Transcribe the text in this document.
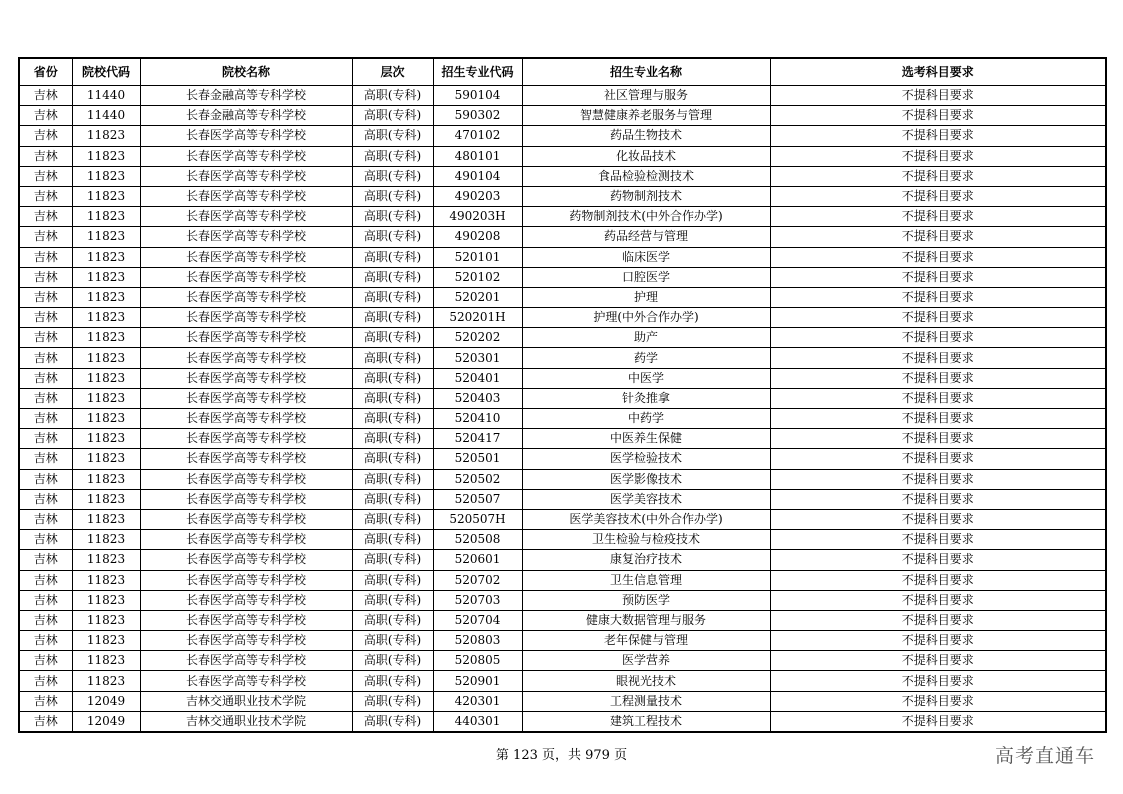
省份	院校代码	院校名称	层次	招生专业代码	招生专业名称	选考科目要求
吉林	11440	长春金融高等专科学校	高职(专科)	590104	社区管理与服务	不提科目要求
吉林	11440	长春金融高等专科学校	高职(专科)	590302	智慧健康养老服务与管理	不提科目要求
吉林	11823	长春医学高等专科学校	高职(专科)	470102	药品生物技术	不提科目要求
吉林	11823	长春医学高等专科学校	高职(专科)	480101	化妆品技术	不提科目要求
吉林	11823	长春医学高等专科学校	高职(专科)	490104	食品检验检测技术	不提科目要求
吉林	11823	长春医学高等专科学校	高职(专科)	490203	药物制剂技术	不提科目要求
吉林	11823	长春医学高等专科学校	高职(专科)	490203H	药物制剂技术(中外合作办学)	不提科目要求
吉林	11823	长春医学高等专科学校	高职(专科)	490208	药品经营与管理	不提科目要求
吉林	11823	长春医学高等专科学校	高职(专科)	520101	临床医学	不提科目要求
吉林	11823	长春医学高等专科学校	高职(专科)	520102	口腔医学	不提科目要求
吉林	11823	长春医学高等专科学校	高职(专科)	520201	护理	不提科目要求
吉林	11823	长春医学高等专科学校	高职(专科)	520201H	护理(中外合作办学)	不提科目要求
吉林	11823	长春医学高等专科学校	高职(专科)	520202	助产	不提科目要求
吉林	11823	长春医学高等专科学校	高职(专科)	520301	药学	不提科目要求
吉林	11823	长春医学高等专科学校	高职(专科)	520401	中医学	不提科目要求
吉林	11823	长春医学高等专科学校	高职(专科)	520403	针灸推拿	不提科目要求
吉林	11823	长春医学高等专科学校	高职(专科)	520410	中药学	不提科目要求
吉林	11823	长春医学高等专科学校	高职(专科)	520417	中医养生保健	不提科目要求
吉林	11823	长春医学高等专科学校	高职(专科)	520501	医学检验技术	不提科目要求
吉林	11823	长春医学高等专科学校	高职(专科)	520502	医学影像技术	不提科目要求
吉林	11823	长春医学高等专科学校	高职(专科)	520507	医学美容技术	不提科目要求
吉林	11823	长春医学高等专科学校	高职(专科)	520507H	医学美容技术(中外合作办学)	不提科目要求
吉林	11823	长春医学高等专科学校	高职(专科)	520508	卫生检验与检疫技术	不提科目要求
吉林	11823	长春医学高等专科学校	高职(专科)	520601	康复治疗技术	不提科目要求
吉林	11823	长春医学高等专科学校	高职(专科)	520702	卫生信息管理	不提科目要求
吉林	11823	长春医学高等专科学校	高职(专科)	520703	预防医学	不提科目要求
吉林	11823	长春医学高等专科学校	高职(专科)	520704	健康大数据管理与服务	不提科目要求
吉林	11823	长春医学高等专科学校	高职(专科)	520803	老年保健与管理	不提科目要求
吉林	11823	长春医学高等专科学校	高职(专科)	520805	医学营养	不提科目要求
吉林	11823	长春医学高等专科学校	高职(专科)	520901	眼视光技术	不提科目要求
吉林	12049	吉林交通职业技术学院	高职(专科)	420301	工程测量技术	不提科目要求
吉林	12049	吉林交通职业技术学院	高职(专科)	440301	建筑工程技术	不提科目要求
第 123 页，共 979 页	高考直通车
